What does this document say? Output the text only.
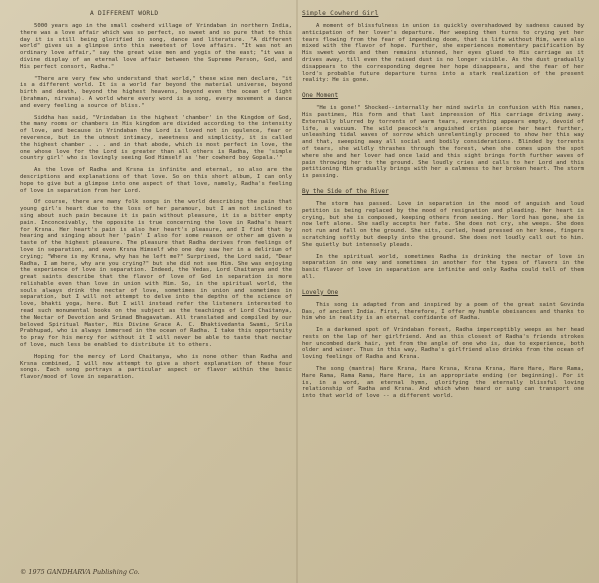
A DIFFERENT WORLD

5000 years ago in the small cowherd village of Vrindaban in northern India, there was a love affair which was so perfect, so sweet and so pure that to this day it is still being glorified in song, dance and literature. "A different world" gives us a glimpse into this sweetest of love affairs. "It was not an ordinary love affair," say the great wise men and yogis of the east; "it was a divine display of an eternal love affair between the Supreme Person, God, and His perfect consort, Radha."

"There are very few who understand that world," these wise men declare, "it is a different world. It is a world far beyond the material universe, beyond birth and death, beyond the highest heavens, beyond even the ocean of light (brahman, nirvana). A world where every word is a song, every movement a dance and every feeling a source of bliss."

Siddha has said, "Vrindaban is the highest 'chamber' in the Kingdom of God, the many rooms or chambers in His kingdom are divided according to the intensity of love, and because in Vrindaban the Lord is loved not in opulence, fear or reverence, but in the utmost intimacy, sweetness and simplicity, it is called the highest chamber . . . and in that abode, which is most perfect in love, the one whose love for the Lord is greater than all others is Radha, the 'simple country girl' who is lovingly seeing God Himself as 'her cowherd boy Gopala.'"

As the love of Radha and Krsna is infinite and eternal, so also are the descriptions and explanations of that love. So on this short album, I can only hope to give but a glimpse into one aspect of that love, namely, Radha's feeling of love in separation from her Lord.

Of course, there are many folk songs in the world describing the pain that young girl's heart due to the loss of her paramour, but I am not inclined to sing about such pain because it is pain without pleasure, it is a bitter empty pain. Inconceivably, the opposite is true concerning the love in Radha's heart for Krsna. Her heart's pain is also her heart's pleasure, and I find that by hearing and singing about her 'pain' I also for some reason or other am given a taste of the highest pleasure. The pleasure that Radha derives from feelings of love in separation, and even Krsna Himself who one day saw her in a delirium of crying; "Where is my Krsna, why has he left me?" Surprised, the Lord said, "Dear Radha, I am here, why are you crying?" but she did not see Him. She was enjoying the experience of love in separation. Indeed, the Vedas, Lord Chaitanya and the great saints describe that the flavor of love of God in separation is more relishable even than love in union with Him. So, in the spiritual world, the souls always drink the nectar of love, sometimes in union and sometimes in separation, but I will not attempt to delve into the depths of the science of love, bhakti yoga, here. But I will instead refer the listeners interested to read such monumental books on the subject as the teachings of Lord Chaitanya, the Nectar of Devotion and Srimad Bhagavatam. All translated and compiled by our beloved Spiritual Master, His Divine Grace A. C. Bhaktivedanta Swami, Srila Prabhupad, who is always immersed in the ocean of Radha. I take this opportunity to pray for his mercy for without it I will never be able to taste that nectar of love, much less be enabled to distribute it to others.

Hoping for the mercy of Lord Chaitanya, who is none other than Radha and Krsna combined, I will now attempt to give a short explanation of these four songs. Each song portrays a particular aspect or flavor within the basic flavor/mood of love in separation.

Simple Cowherd Girl

A moment of blissfulness in union is quickly overshadowed by sadness caused by anticipation of her lover's departure. Her weeping then turns to crying yet her tears flowing from the fear of impending doom, that is life without Him, were also mixed with the flavor of hope. Further, she experiences momentary pacification by His sweet words and then remains stunned, her eyes glued to His carriage as it drives away, till even the raised dust is no longer visible. As the dust gradually disappears to the corresponding degree her hope disappears, and the fear of her lord's probable future departure turns into a stark realization of the present reality: He is gone.

One Moment

"He is gone!" Shocked--internally her mind swirls in confusion with His names, His pastimes, His form and that last impression of His carriage driving away. Externally blurred by torrents of warm tears, everything appears empty, devoid of life, a vacuum. The wild peacock's anguished cries pierce her heart further, unleashing tidal waves of sorrow which unrelentingly proceed to show her this way and that, sweeping away all social and bodily considerations. Blinded by torrents of tears, she wildly thrashes through the forest, when she comes upon the spot where she and her lover had once laid and this sight brings forth further waves of pain throwing her to the ground. She loudly cries and calls to her Lord and this petitioning Him gradually brings with her a calmness to her broken heart. The storm is passing.

By the Side of the River

The storm has passed. Love in separation in the mood of anguish and loud petition is being replaced by the mood of resignation and pleading. Her heart is crying, but she is composed, keeping others from seeing. Her lord has gone, she is now left alone. She sadly accepts her fate. She does not cry, she weeps. She does not run and fall on the ground. She sits, curled, head pressed on her knee, fingers scratching softly but deeply into the ground. She does not loudly call out to him. She quietly but intensely pleads.

In the spiritual world, sometimes Radha is drinking the nectar of love in separation in one way and sometimes in another for the types of flavors in the basic flavor of love in separation are infinite and only Radha could tell of them all.

Lovely One

This song is adapted from and inspired by a poem of the great saint Govinda Das, of ancient India. First, therefore, I offer my humble obeisances and thanks to him who in reality is an eternal confidante of Radha.

In a darkened spot of Vrindaban forest, Radha imperceptibly weeps as her head rests on the lap of her girlfriend. And as this closest of Radha's friends strokes her uncombed dark hair, yet from the angle of one who is, due to experience, both older and wiser. Thus in this way, Radha's girlfriend also drinks from the ocean of loving feelings of Radha and Krsna.

The song (mantra) Hare Krsna, Hare Krsna, Krsna Krsna, Hare Hare, Hare Rama, Hare Rama, Rama Rama, Hare Hare, is an appropriate ending (or beginning). For it is, in a word, an eternal hymn, glorifying the eternally blissful loving relationship of Radha and Krsna. And which when heard or sung can transport one into that world of love -- a different world.

© 1975 GANDHARVA Publishing Co.
